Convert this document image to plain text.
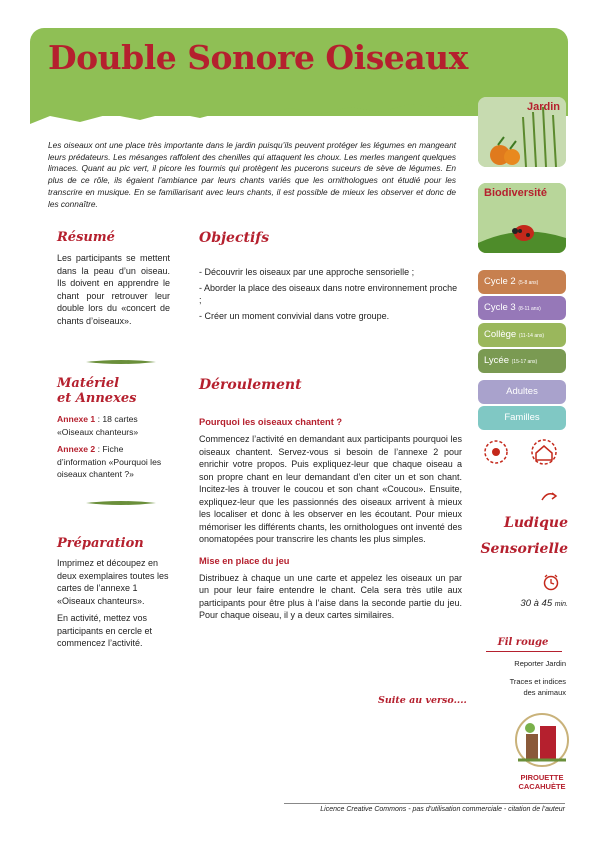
Double Sonore Oiseaux

Les oiseaux ont une place très importante dans le jardin puisqu’ils peuvent protéger les légumes en mangeant leurs prédateurs. Les mésanges raffolent des chenilles qui attaquent les choux. Les merles mangent quelques limaces. Quant au pic vert, il picore les fourmis qui protègent les pucerons suceurs de sève de légumes. En plus de ce rôle, ils égaient l’ambiance par leurs chants variés que les ornithologues ont étudié pour les transcrire en musique. En se familiarisant avec leurs chants, il est possible de mieux les observer et donc de les connaître.

Résumé

Les participants se mettent dans la peau d’un oiseau. Ils doivent en apprendre le chant pour retrouver leur double lors du «concert de chants d’oiseaux».

Matériel
et Annexes

Annexe 1 : 18 cartes «Oiseaux chanteurs»

Annexe 2 : Fiche d’information «Pourquoi les oiseaux chantent ?»

Préparation

Imprimez et découpez en deux exemplaires toutes les cartes de l’annexe 1 «Oiseaux chanteurs».

En activité, mettez vos participants en cercle et commencez l’activité.

Objectifs

- Découvrir les oiseaux par une approche sensorielle ;

- Aborder la place des oiseaux dans notre environnement proche ;

- Créer un moment convivial dans votre groupe.

Déroulement
Pourquoi les oiseaux chantent ?

Commencez l’activité en demandant aux participants pourquoi les oiseaux chantent. Servez-vous si besoin de l’annexe 2 pour enrichir votre propos. Puis expliquez-leur que chaque oiseau a son propre chant en leur demandant d’en citer un et son chant. Incitez-les à trouver le coucou et son chant «Coucou». Ensuite, expliquez-leur que les passionnés des oiseaux arrivent à mieux les localiser et donc à les observer en les écoutant. Pour mieux mémoriser les différents chants, les ornithologues ont inventé des onomatopées pour transcrire les chants les plus simples.

Mise en place du jeu

Distribuez à chaque un une carte et appelez les oiseaux un par un pour leur faire entendre le chant. Cela sera très utile aux participants pour être plus à l’aise dans la seconde partie du jeu. Pour chaque oiseau, il y a deux cartes similaires.

Suite au verso....
Jardin
Biodiversité
Cycle 2 (5-8 ans)
Cycle 3 (8-11 ans)
Collège (11-14 ans)
Lycée (15-17 ans)
Adultes
Familles
Ludique
Sensorielle
30 à 45 min.
Fil rouge
Reporter Jardin
Traces et indices des animaux
PIROUETTE
CACAHUÈTE
Licence Creative Commons - pas d’utilisation commerciale - citation de l’auteur
